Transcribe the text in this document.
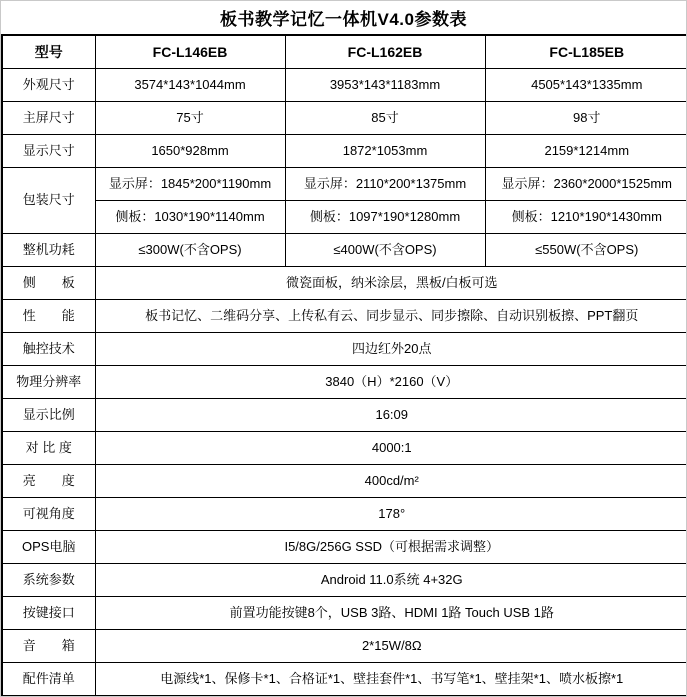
板书教学记忆一体机V4.0参数表
型号	FC-L146EB	FC-L162EB	FC-L185EB
外观尺寸	3574*143*1044mm	3953*143*1183mm	4505*143*1335mm
主屏尺寸	75寸	85寸	98寸
显示尺寸	1650*928mm	1872*1053mm	2159*1214mm
包装尺寸	显示屏：1845*200*1190mm	显示屏：2110*200*1375mm	显示屏：2360*2000*1525mm
	侧板：1030*190*1140mm	侧板：1097*190*1280mm	侧板：1210*190*1430mm
整机功耗	≤300W(不含OPS)	≤400W(不含OPS)	≤550W(不含OPS)
侧　　板	微瓷面板，纳米涂层，黑板/白板可选		
性　　能	板书记忆、二维码分享、上传私有云、同步显示、同步擦除、自动识别板擦、PPT翻页		
触控技术	四边红外20点		
物理分辨率	3840（H）*2160（V）		
显示比例	16:09		
对 比 度	4000:1		
亮　　度	400cd/m²		
可视角度	178°		
OPS电脑	I5/8G/256G SSD（可根据需求调整）		
系统参数	Android 11.0系统 4+32G		
按键接口	前置功能按键8个，USB 3路、HDMI 1路 Touch USB 1路		
音　　箱	2*15W/8Ω		
配件清单	电源线*1、保修卡*1、合格证*1、壁挂套件*1、书写笔*1、壁挂架*1、喷水板擦*1		
